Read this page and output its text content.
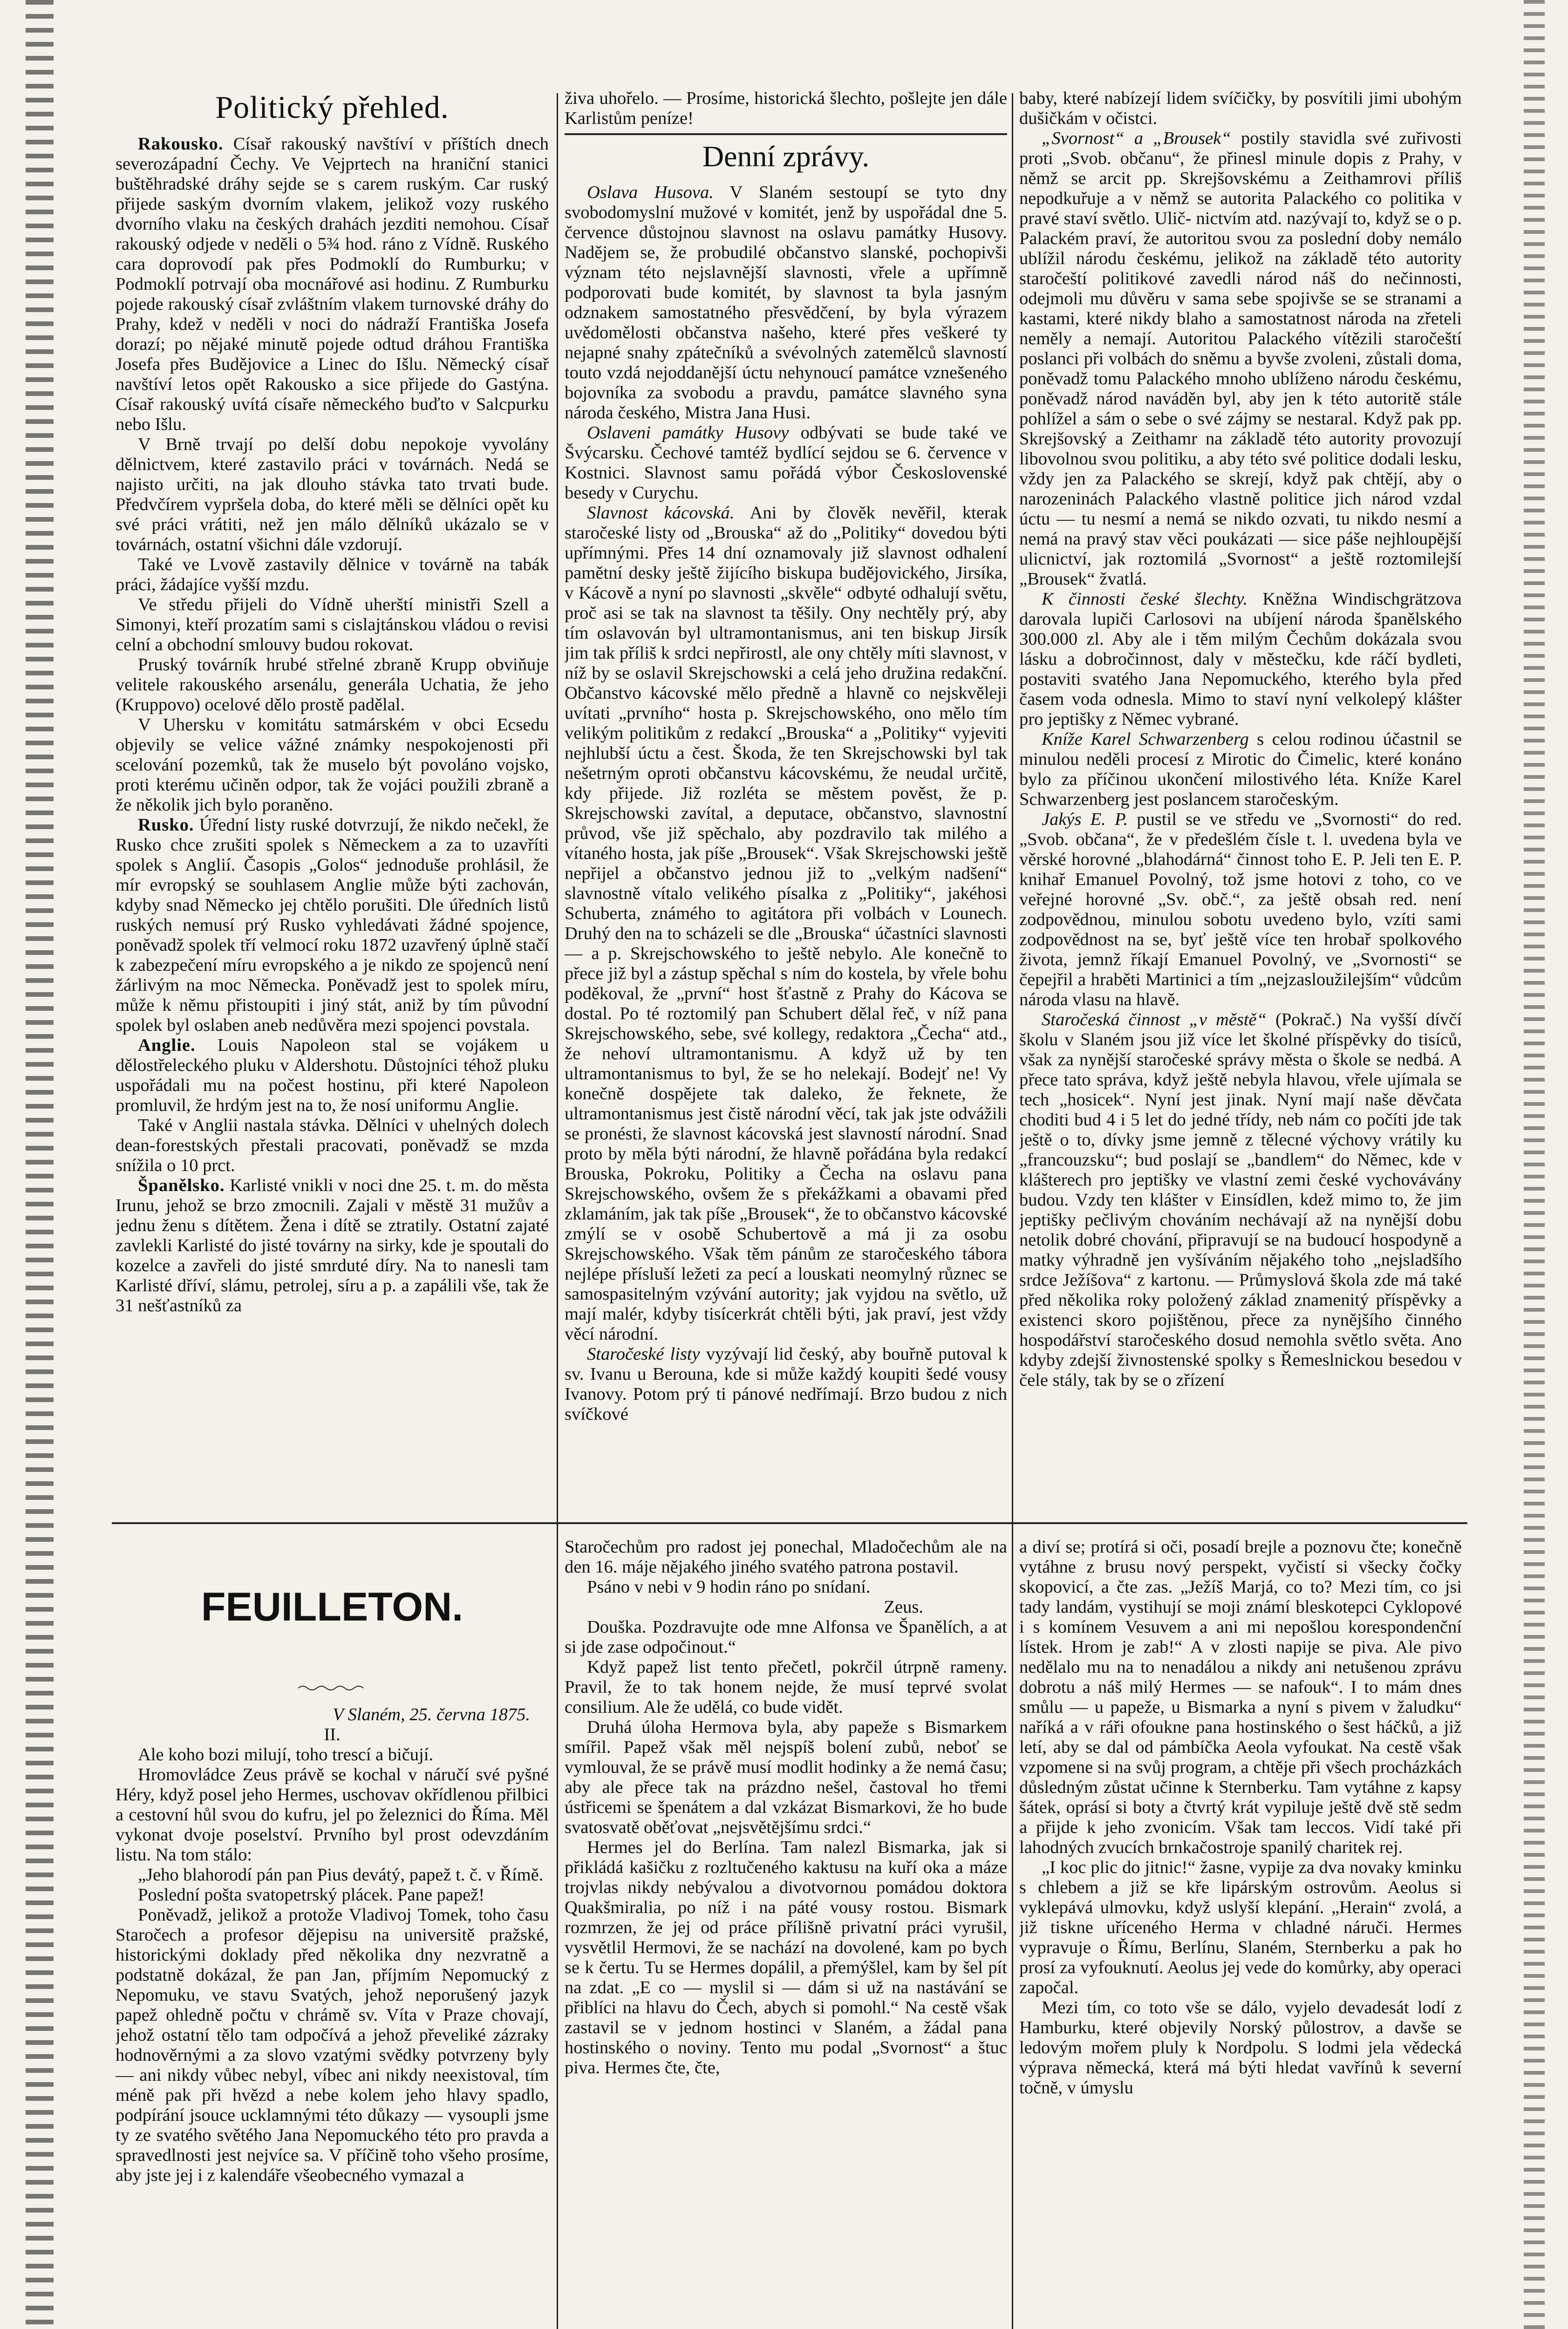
Politický přehled.

Rakousko. Císař rakouský navštíví v příštích dnech severozápadní Čechy. Ve Vejprtech na hraniční stanici buštěhradské dráhy sejde se s carem ruským. Car ruský přijede saským dvorním vlakem, jelikož vozy ruského dvorního vlaku na českých drahách jezditi nemohou. Císař rakouský odjede v neděli o 5¾ hod. ráno z Vídně. Ruského cara doprovodí pak přes Podmoklí do Rumburku; v Podmoklí potrvají oba mocnářové asi hodinu. Z Rumburku pojede rakouský císař zvláštním vlakem turnovské dráhy do Prahy, kdež v neděli v noci do nádraží Františka Josefa dorazí; po nějaké minutě pojede odtud dráhou Františka Josefa přes Budějovice a Linec do Išlu. Německý císař navštíví letos opět Rakousko a sice přijede do Gastýna. Císař rakouský uvítá císaře německého buďto v Salcpurku nebo Išlu.

V Brně trvají po delší dobu nepokoje vyvolány dělnictvem, které zastavilo práci v továrnách. Nedá se najisto určiti, na jak dlouho stávka tato trvati bude. Předvčírem vypršela doba, do které měli se dělníci opět ku své práci vrátiti, než jen málo dělníků ukázalo se v továrnách, ostatní všichni dále vzdorují.

Také ve Lvově zastavily dělnice v továrně na tabák práci, žádajíce vyšší mzdu.

Ve středu přijeli do Vídně uherští ministři Szell a Simonyi, kteří prozatím sami s cislajtánskou vládou o revisi celní a obchodní smlouvy budou rokovat.

Pruský továrník hrubé střelné zbraně Krupp obviňuje velitele rakouského arsenálu, generála Uchatia, že jeho (Kruppovo) ocelové dělo prostě padělal.

V Uhersku v komitátu satmárském v obci Ecsedu objevily se velice vážné známky nespokojenosti při scelování pozemků, tak že muselo být povoláno vojsko, proti kterému učiněn odpor, tak že vojáci použili zbraně a že několik jich bylo poraněno.

Rusko. Úřední listy ruské dotvrzují, že nikdo nečekl, že Rusko chce zrušiti spolek s Německem a za to uzavříti spolek s Anglií. Časopis „Golos“ jednoduše prohlásil, že mír evropský se souhlasem Anglie může býti zachován, kdyby snad Německo jej chtělo porušiti. Dle úředních listů ruských nemusí prý Rusko vyhledávati žádné spojence, poněvadž spolek tří velmocí roku 1872 uzavřený úplně stačí k zabezpečení míru evropského a je nikdo ze spojenců není žárlivým na moc Německa. Poněvadž jest to spolek míru, může k němu přistoupiti i jiný stát, aniž by tím původní spolek byl oslaben aneb nedůvěra mezi spojenci povstala.

Anglie. Louis Napoleon stal se vojákem u dělostřeleckého pluku v Aldershotu. Důstojníci téhož pluku uspořádali mu na počest hostinu, při které Napoleon promluvil, že hrdým jest na to, že nosí uniformu Anglie.

Také v Anglii nastala stávka. Dělníci v uhelných dolech dean-forestských přestali pracovati, poněvadž se mzda snížila o 10 prct.

Španělsko. Karlisté vnikli v noci dne 25. t. m. do města Irunu, jehož se brzo zmocnili. Zajali v městě 31 mužův a jednu ženu s dítětem. Žena i dítě se ztratily. Ostatní zajaté zavlekli Karlisté do jisté továrny na sirky, kde je spoutali do kozelce a zavřeli do jisté smrduté díry. Na to nanesli tam Karlisté dříví, slámu, petrolej, síru a p. a zapálili vše, tak že 31 nešťastníků za

živa uhořelo. — Prosíme, historická šlechto, pošlejte jen dále Karlistům peníze!

Denní zprávy.

Oslava Husova. V Slaném sestoupí se tyto dny svobodomyslní mužové v komitét, jenž by uspořádal dne 5. července důstojnou slavnost na oslavu památky Husovy. Nadějem se, že probudilé občanstvo slanské, pochopivši význam této nejslavnější slavnosti, vřele a upřímně podporovati bude komitét, by slavnost ta byla jasným odznakem samostatného přesvědčení, by byla výrazem uvědomělosti občanstva našeho, které přes veškeré ty nejapné snahy zpátečníků a svévolných zatemělců slavností touto vzdá nejoddanější úctu nehynoucí památce vznešeného bojovníka za svobodu a pravdu, památce slavného syna národa českého, Mistra Jana Husi.

Oslaveni památky Husovy odbývati se bude také ve Švýcarsku. Čechové tamtéž bydlící sejdou se 6. července v Kostnici. Slavnost samu pořádá výbor Československé besedy v Curychu.

Slavnost kácovská. Ani by člověk nevěřil, kterak staročeské listy od „Brouska“ až do „Politiky“ dovedou býti upřímnými. Přes 14 dní oznamovaly již slavnost odhalení pamětní desky ještě žijícího biskupa budějovického, Jirsíka, v Kácově a nyní po slavnosti „skvěle“ odbyté odhalují světu, proč asi se tak na slavnost ta těšily. Ony nechtěly prý, aby tím oslavován byl ultramontanismus, ani ten biskup Jirsík jim tak příliš k srdci nepřirostl, ale ony chtěly míti slavnost, v níž by se oslavil Skrejschowski a celá jeho družina redakční. Občanstvo kácovské mělo předně a hlavně co nejskvěleji uvítati „prvního“ hosta p. Skrejschowského, ono mělo tím velikým politikům z redakcí „Brouska“ a „Politiky“ vyjeviti nejhlubší úctu a čest. Škoda, že ten Skrejschowski byl tak nešetrným oproti občanstvu kácovskému, že neudal určitě, kdy přijede. Již rozléta se městem pověst, že p. Skrejschowski zavítal, a deputace, občanstvo, slavnostní průvod, vše již spěchalo, aby pozdravilo tak milého a vítaného hosta, jak píše „Brousek“. Však Skrejschowski ještě nepřijel a občanstvo jednou již to „velkým nadšení“ slavnostně vítalo velikého písalka z „Politiky“, jakéhosi Schuberta, známého to agitátora při volbách v Lounech. Druhý den na to scházeli se dle „Brouska“ účastníci slavnosti — a p. Skrejschowského to ještě nebylo. Ale konečně to přece již byl a zástup spěchal s ním do kostela, by vřele bohu poděkoval, že „první“ host šťastně z Prahy do Kácova se dostal. Po té roztomilý pan Schubert dělal řeč, v níž pana Skrejschowského, sebe, své kollegy, redaktora „Čecha“ atd., že nehoví ultramontanismu. A když už by ten ultramontanismus to byl, že se ho nelekají. Bodejť ne! Vy konečně dospějete tak daleko, že řeknete, že ultramontanismus jest čistě národní věcí, tak jak jste odvážili se pronésti, že slavnost kácovská jest slavností národní. Snad proto by měla býti národní, že hlavně pořádána byla redakcí Brouska, Pokroku, Politiky a Čecha na oslavu pana Skrejschowského, ovšem že s překážkami a obavami před zklamáním, jak tak píše „Brousek“, že to občanstvo kácovské zmýlí se v osobě Schubertově a má ji za osobu Skrejschowského. Však těm pánům ze staročeského tábora nejlépe přísluší ležeti za pecí a louskati neomylný různec se samospasitelným vzývání autority; jak vyjdou na světlo, už mají malér, kdyby tisícerkrát chtěli býti, jak praví, jest vždy věcí národní.

Staročeské listy vyzývají lid český, aby bouřně putoval k sv. Ivanu u Berouna, kde si může každý koupiti šedé vousy Ivanovy. Potom prý ti pánové nedřímají. Brzo budou z nich svíčkové

baby, které nabízejí lidem svíčičky, by posvítili jimi ubohým dušičkám v očistci.

„Svornost“ a „Brousek“ postily stavidla své zuřivosti proti „Svob. občanu“, že přinesl minule dopis z Prahy, v němž se arcit pp. Skrejšovskému a Zeithamrovi příliš nepodkuřuje a v němž se autorita Palackého co politika v pravé staví světlo. Ulič- nictvím atd. nazývají to, když se o p. Palackém praví, že autoritou svou za poslední doby nemálo ublížil národu českému, jelikož na základě této autority staročeští politikové zavedli národ náš do nečinnosti, odejmoli mu důvěru v sama sebe spojivše se se stranami a kastami, které nikdy blaho a samostatnost národa na zřeteli neměly a nemají. Autoritou Palackého vítězili staročeští poslanci při volbách do sněmu a byvše zvoleni, zůstali doma, poněvadž tomu Palackého mnoho ublíženo národu českému, poněvadž národ naváděn byl, aby jen k této autoritě stále pohlížel a sám o sebe o své zájmy se nestaral. Když pak pp. Skrejšovský a Zeithamr na základě této autority provozují libovolnou svou politiku, a aby této své politice dodali lesku, vždy jen za Palackého se skrejí, když pak chtějí, aby o narozeninách Palackého vlastně politice jich národ vzdal úctu — tu nesmí a nemá se nikdo ozvati, tu nikdo nesmí a nemá na pravý stav věci poukázati — sice páše nejhloupější ulicnictví, jak roztomilá „Svornost“ a ještě roztomilejší „Brousek“ žvatlá.

K činnosti české šlechty. Kněžna Windischgrätzova darovala lupiči Carlosovi na ubíjení národa španělského 300.000 zl. Aby ale i těm milým Čechům dokázala svou lásku a dobročinnost, daly v městečku, kde ráčí bydleti, postaviti svatého Jana Nepomuckého, kterého byla před časem voda odnesla. Mimo to staví nyní velkolepý klášter pro jeptišky z Němec vybrané.

Kníže Karel Schwarzenberg s celou rodinou účastnil se minulou neděli procesí z Mirotic do Čimelic, které konáno bylo za příčinou ukončení milostivého léta. Kníže Karel Schwarzenberg jest poslancem staročeským.

Jakýs E. P. pustil se ve středu ve „Svornosti“ do red. „Svob. občana“, že v předešlém čísle t. l. uvedena byla ve věrské horovné „blahodárná“ činnost toho E. P. Jeli ten E. P. knihař Emanuel Povolný, tož jsme hotovi z toho, co ve veřejné horovné „Sv. obč.“, za ještě obsah red. není zodpovědnou, minulou sobotu uvedeno bylo, vzíti sami zodpovědnost na se, byť ještě více ten hrobař spolkového života, jemnž říkají Emanuel Povolný, ve „Svornosti“ se čepejřil a hraběti Martinici a tím „nejzasloužilejším“ vůdcům národa vlasu na hlavě.

Staročeská činnost „v městě“ (Pokrač.) Na vyšší dívčí školu v Slaném jsou již více let školné příspěvky do tisíců, však za nynější staročeské správy města o škole se nedbá. A přece tato správa, když ještě nebyla hlavou, vřele ujímala se tech „hosicek“. Nyní jest jinak. Nyní mají naše děvčata choditi bud 4 i 5 let do jedné třídy, neb nám co počíti jde tak ještě o to, dívky jsme jemně z tělecné výchovy vrátily ku „francouzsku“; bud poslají se „bandlem“ do Němec, kde v klášterech pro jeptišky ve vlastní zemi české vychovávány budou. Vzdy ten klášter v Einsídlen, kdež mimo to, že jim jeptišky pečlivým chováním nechávají až na nynější dobu netolik dobré chování, připravují se na budoucí hospodyně a matky výhradně jen vyšíváním nějakého toho „nejsladšího srdce Ježíšova“ z kartonu. — Průmyslová škola zde má také před několika roky položený základ znamenitý příspěvky a existenci skoro pojištěnou, přece za nynějšího činného hospodářství staročeského dosud nemohla světlo světa. Ano kdyby zdejší živnostenské spolky s Řemeslnickou besedou v čele stály, tak by se o zřízení

FEUILLETON.

V Slaném, 25. června 1875.

II.

Ale koho bozi milují, toho trescí a bičují.

Hromovládce Zeus právě se kochal v náručí své pyšné Héry, když posel jeho Hermes, uschovav okřídlenou přilbici a cestovní hůl svou do kufru, jel po železnici do Říma. Měl vykonat dvoje poselství. Prvního byl prost odevzdáním listu. Na tom stálo:

„Jeho blahorodí pán pan Pius devátý, papež t. č. v Římě.

Poslední pošta svatopetrský plácek. Pane papež!

Poněvadž, jelikož a protože Vladivoj Tomek, toho času Staročech a profesor dějepisu na universitě pražské, historickými doklady před několika dny nezvratně a podstatně dokázal, že pan Jan, příjmím Nepomucký z Nepomuku, ve stavu Svatých, jehož neporušený jazyk papež ohledně počtu v chrámě sv. Víta v Praze chovají, jehož ostatní tělo tam odpočívá a jehož převeliké zázraky hodnověrnými a za slovo vzatými svědky potvrzeny byly — ani nikdy vůbec nebyl, víbec ani nikdy neexistoval, tím méně pak při hvězd a nebe kolem jeho hlavy spadlo, podpírání jsouce ucklamnými této důkazy — vysoupli jsme ty ze svatého světého Jana Nepomuckého této pro pravda a spravedlnosti jest nejvíce sa. V příčině toho všeho prosíme, aby jste jej i z kalendáře všeobecného vymazal a

Staročechům pro radost jej ponechal, Mladočechům ale na den 16. máje nějakého jiného svatého patrona postavil.

Psáno v nebi v 9 hodin ráno po snídaní.

Zeus.

Douška. Pozdravujte ode mne Alfonsa ve Španělích, a at si jde zase odpočinout.“

Když papež list tento přečetl, pokrčil útrpně rameny. Pravil, že to tak honem nejde, že musí teprvé svolat consilium. Ale že udělá, co bude vidět.

Druhá úloha Hermova byla, aby papeže s Bismarkem smířil. Papež však měl nejspíš bolení zubů, neboť se vymlouval, že se právě musí modlit hodinky a že nemá času; aby ale přece tak na prázdno nešel, častoval ho třemi ústřicemi se špenátem a dal vzkázat Bismarkovi, že ho bude svatosvatě oběťovat „nejsvětějšímu srdci.“

Hermes jel do Berlína. Tam nalezl Bismarka, jak si přikládá kašičku z rozltučeného kaktusu na kuří oka a máze trojvlas nikdy nebývalou a divotvornou pomádou doktora Quakšmiralia, po níž i na páté vousy rostou. Bismark rozmrzen, že jej od práce přílišně privatní práci vyrušil, vysvětlil Hermovi, že se nachází na dovolené, kam po bych se k čertu. Tu se Hermes dopálil, a přemýšlel, kam by šel pít na zdat. „E co — myslil si — dám si už na nastávání se přiblíci na hlavu do Čech, abych si pomohl.“ Na cestě však zastavil se v jednom hostinci v Slaném, a žádal pana hostinského o noviny. Tento mu podal „Svornost“ a štuc piva. Hermes čte, čte,

a diví se; protírá si oči, posadí brejle a poznovu čte; konečně vytáhne z brusu nový perspekt, vyčistí si všecky čočky skopovicí, a čte zas. „Ježíš Marjá, co to? Mezi tím, co jsi tady landám, vystihují se moji známí bleskotepci Cyklopové i s komínem Vesuvem a ani mi nepošlou korespondenční lístek. Hrom je zab!“ A v zlosti napije se piva. Ale pivo nedělalo mu na to nenadálou a nikdy ani netušenou zprávu dobrotu a náš milý Hermes — se nafouk“. I to mám dnes smůlu — u papeže, u Bismarka a nyní s pivem v žaludku“ naříká a v ráři ofoukne pana hostinského o šest háčků, a již letí, aby se dal od pámbíčka Aeola vyfoukat. Na cestě však vzpomene si na svůj program, a chtěje při všech procházkách důsledným zůstat učinne k Sternberku. Tam vytáhne z kapsy šátek, oprásí si boty a čtvrtý krát vypiluje ještě dvě stě sedm a přijde k jeho zvonicím. Však tam leccos. Vidí také při lahodných zvucích brnkačostroje spanilý charitek rej.

„I koc plic do jitnic!“ žasne, vypije za dva novaky kminku s chlebem a již se kře lipárským ostrovům. Aeolus si vyklepává ulmovku, když uslyší klepání. „Herain“ zvolá, a již tiskne uříceného Herma v chladné náruči. Hermes vypravuje o Římu, Berlínu, Slaném, Sternberku a pak ho prosí za vyfouknutí. Aeolus jej vede do komůrky, aby operaci započal.

Mezi tím, co toto vše se dálo, vyjelo devadesát lodí z Hamburku, které objevily Norský půlostrov, a davše se ledovým mořem pluly k Nordpolu. S lodmi jela vědecká výprava německá, která má býti hledat vavřínů k severní točně, v úmyslu
